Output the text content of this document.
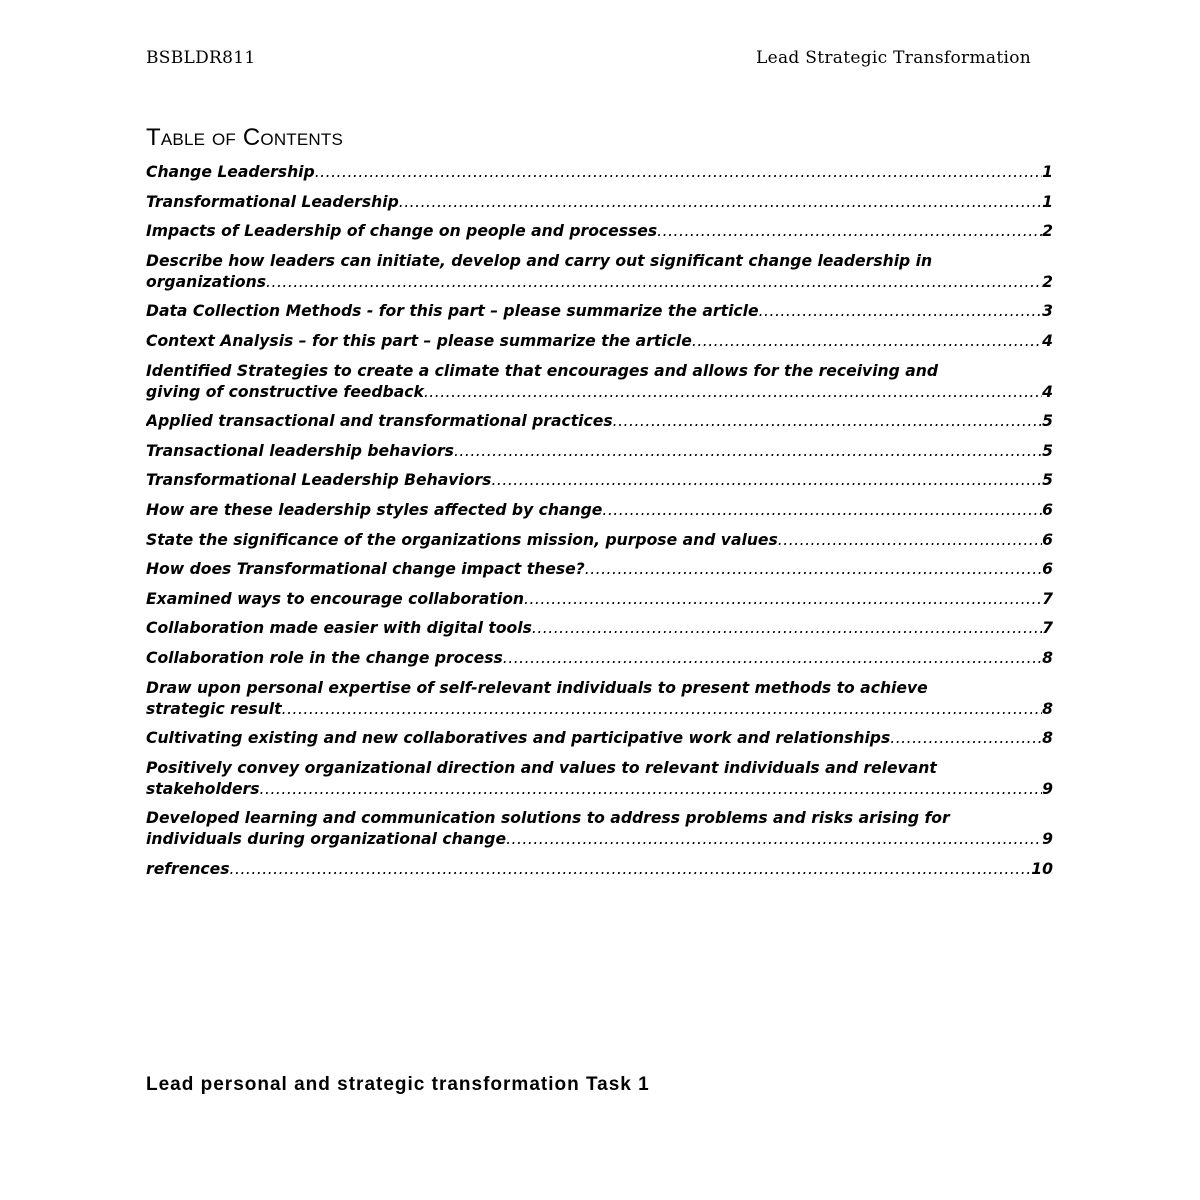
BSBLDR811	Lead Strategic Transformation
Table of Contents
Change Leadership .....	1
Transformational Leadership .....	1
Impacts of Leadership of change on people and processes .....	2
Describe how leaders can initiate, develop and carry out significant change leadership in
organizations .....	2
Data Collection Methods - for this part – please summarize the article .....	3
Context Analysis – for this part – please summarize the article .....	4
Identified Strategies to create a climate that encourages and allows for the receiving and
giving of constructive feedback .....	4
Applied transactional and transformational practices .....	5
Transactional leadership behaviors .....	5
Transformational Leadership Behaviors .....	5
How are these leadership styles affected by change .....	6
State the significance of the organizations mission, purpose and values .....	6
How does Transformational change impact these? .....	6
Examined ways to encourage collaboration .....	7
Collaboration made easier with digital tools .....	7
Collaboration role in the change process .....	8
Draw upon personal expertise of self-relevant individuals to present methods to achieve
strategic result .....	8
Cultivating existing and new collaboratives and participative work and relationships .....	8
Positively convey organizational direction and values to relevant individuals and relevant
stakeholders .....	9
Developed learning and communication solutions to address problems and risks arising for
individuals during organizational change .....	9
refrences .....	10
Lead personal and strategic transformation Task 1
